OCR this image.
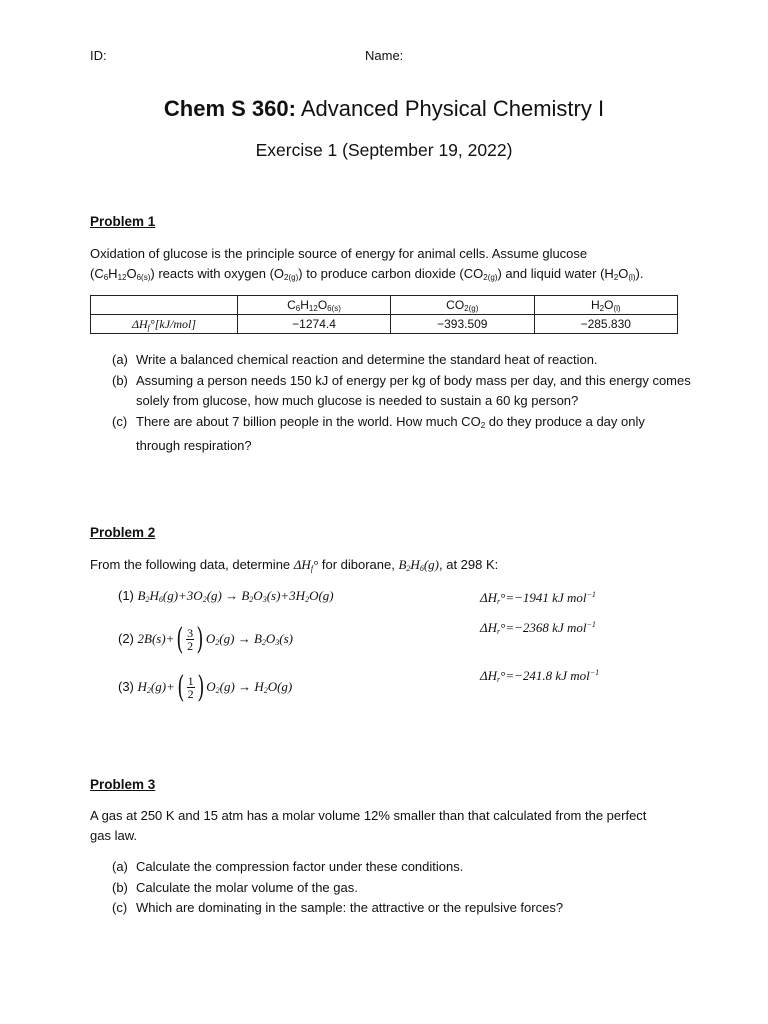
ID:	Name:
Chem S 360: Advanced Physical Chemistry I
Exercise 1 (September 19, 2022)
Problem 1
Oxidation of glucose is the principle source of energy for animal cells. Assume glucose
$(C_6H_{12}O_{6(s)})$ reacts with oxygen $(O_{2(g)})$ to produce carbon dioxide $(CO_{2(g)})$ and liquid water $(H_2O_{(l)})$.
	$C_6H_{12}O_{6(s)}$	$CO_{2(g)}$	$H_2O_{(l)}$
$\Delta H_f^\circ[kJ/mol]$	−1274.4	−393.509	−285.830
(a) Write a balanced chemical reaction and determine the standard heat of reaction.
(b) Assuming a person needs 150 kJ of energy per kg of body mass per day, and this energy comes solely from glucose, how much glucose is needed to sustain a 60 kg person?
(c) There are about 7 billion people in the world. How much $CO_2$ do they produce a day only through respiration?
Problem 2
From the following data, determine $\Delta H_f^\circ$ for diborane, $B_2H_6(g)$, at 298 K:
(1) $B_2H_6(g)+3O_2(g) \to B_2O_3(s)+3H_2O(g)$	$\Delta H_r^\circ=-1941$ kJ mol$^{-1}$
(2) $2B(s)+( \frac{3}{2}$ ) $O_2(g) \to B_2O_3(s)$
$\Delta H_r^\circ=-2368$ kJ mol$^{-1}$
(3) $H_2(g)+( \frac{1}{2}$ ) $O_2(g) \to H_2O(g)$
$\Delta H_r^\circ=-241.8$ kJ mol$^{-1}$
Problem 3
A gas at 250 K and 15 atm has a molar volume 12% smaller than that calculated from the perfect gas law.
(a) Calculate the compression factor under these conditions.
(b) Calculate the molar volume of the gas.
(c) Which are dominating in the sample: the attractive or the repulsive forces?
